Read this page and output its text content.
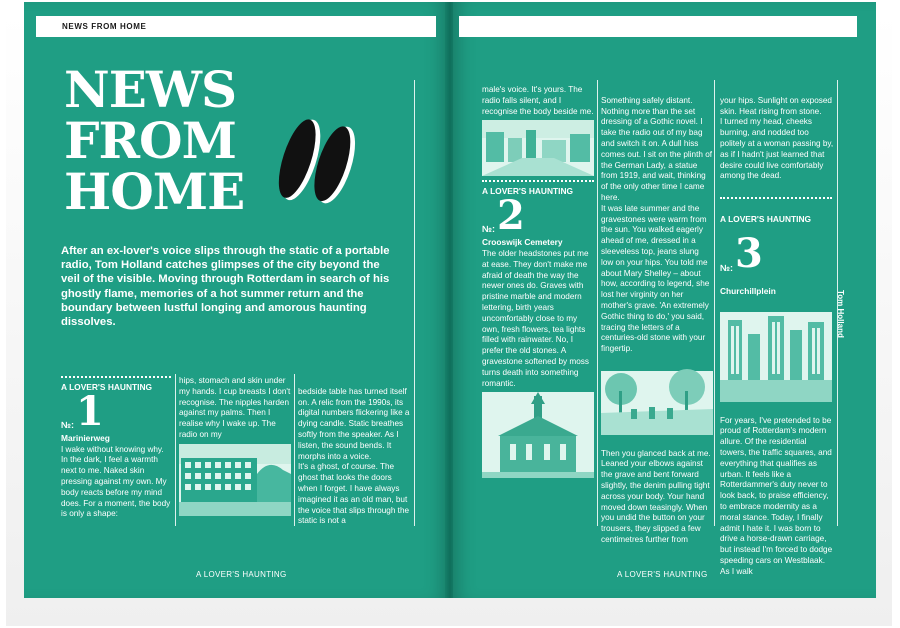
NEWS FROM HOME
NEWS
FROM
HOME

After an ex-lover's voice slips through the static of a portable radio, Tom Holland catches glimpses of the city beyond the veil of the visible. Moving through Rotterdam in search of his ghostly flame, memories of a hot summer return and the boundary between lustful longing and amorous haunting dissolves.

A LOVER'S HAUNTING
№: 1
Marinierweg

I wake without knowing why. In the dark, I feel a warmth next to me. Naked skin pressing against my own. My body reacts before my mind does. For a moment, the body is only a shape:

hips, stomach and skin under my hands. I cup breasts I don't recognise. The nipples harden against my palms. Then I realise why I wake up. The radio on my

bedside table has turned itself on. A relic from the 1990s, its digital numbers flickering like a dying candle. Static breathes softly from the speaker. As I listen, the sound bends. It morphs into a voice.
It's a ghost, of course. The ghost that looks the doors when I forget. I have always imagined it as an old man, but the voice that slips through the static is not a

A LOVER'S HAUNTING

male's voice. It's yours. The radio falls silent, and I recognise the body beside me.

A LOVER'S HAUNTING
№: 2
Crooswijk Cemetery

The older headstones put me at ease. They don't make me afraid of death the way the newer ones do. Graves with pristine marble and modern lettering, birth years uncomfortably close to my own, fresh flowers, tea lights filled with rainwater. No, I prefer the old stones. A gravestone softened by moss turns death into something romantic.

Something safely distant. Nothing more than the set dressing of a Gothic novel. I take the radio out of my bag and switch it on. A dull hiss comes out. I sit on the plinth of the German Lady, a statue from 1919, and wait, thinking of the only other time I came here.
It was late summer and the gravestones were warm from the sun. You walked eagerly ahead of me, dressed in a sleeveless top, jeans slung low on your hips. You told me about Mary Shelley – about how, according to legend, she lost her virginity on her mother's grave. 'An extremely Gothic thing to do,' you said, tracing the letters of a centuries-old stone with your fingertip.

Then you glanced back at me. Leaned your elbows against the grave and bent forward slightly, the denim pulling tight across your body. Your hand moved down teasingly. When you undid the button on your trousers, they slipped a few centimetres further from

your hips. Sunlight on exposed skin. Heat rising from stone.
I turned my head, cheeks burning, and nodded too politely at a woman passing by, as if I hadn't just learned that desire could live comfortably among the dead.

A LOVER'S HAUNTING

№: 3

Churchillplein

For years, I've pretended to be proud of Rotterdam's modern allure. Of the residential towers, the traffic squares, and everything that qualifies as urban. It feels like a Rotterdammer's duty never to look back, to praise efficiency, to embrace modernity as a moral stance. Today, I finally admit I hate it. I was born to drive a horse-drawn carriage, but instead I'm forced to dodge speeding cars on Westblaak. As I walk

A LOVER'S HAUNTING
Tom Holland
